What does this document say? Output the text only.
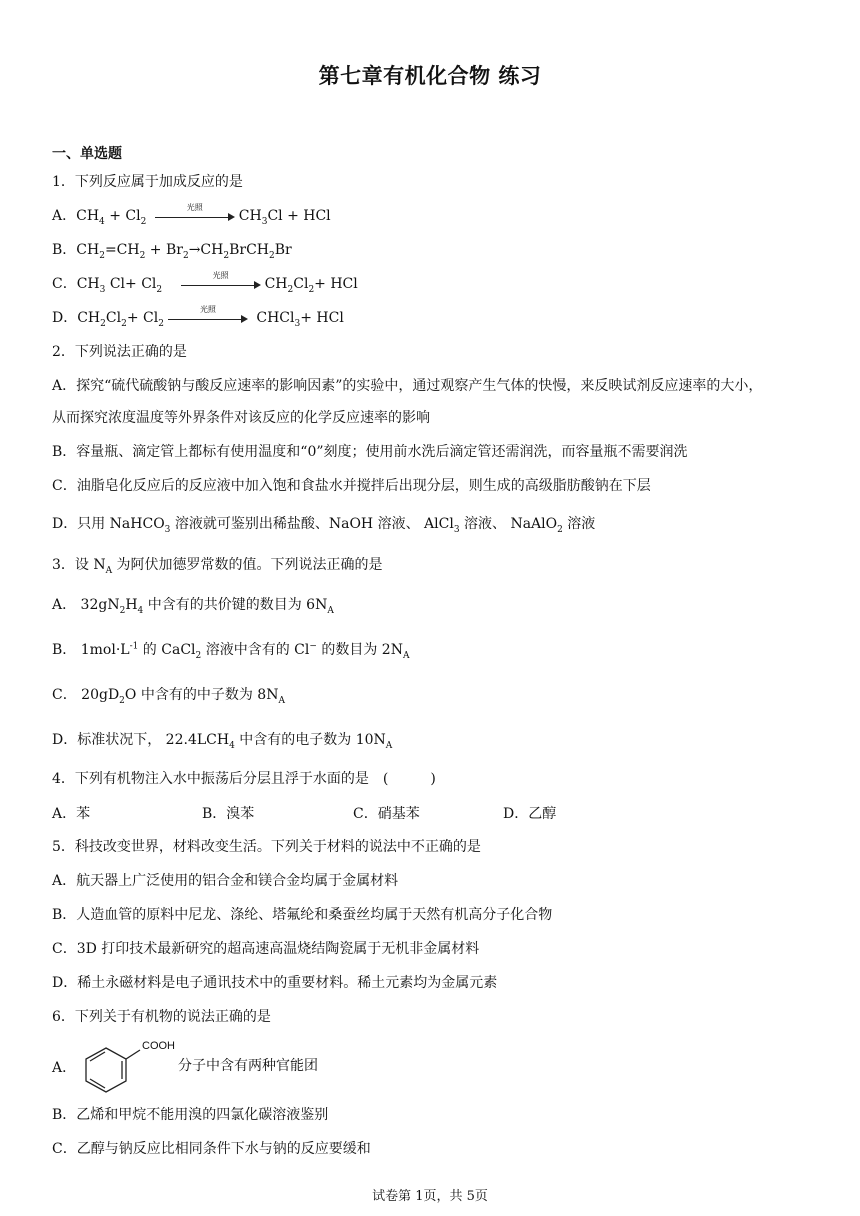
第七章有机化合物 练习
一、单选题
1．下列反应属于加成反应的是
A．$CH_4 + Cl_2$
光照
$CH_3Cl$ + HCl
B．$CH_2=CH_2$ + $Br_2\to CH_2BrCH_2Br$
C．$CH_3$ $Cl+ Cl_2$
光照
$CH_2Cl_2+$ HCl
D．$CH_2Cl_2+ Cl_2$
光照
CHCl$_3$+ HCl
2．下列说法正确的是
A．探究“硫代硫酸钠与酸反应速率的影响因素”的实验中，通过观察产生气体的快慢，来反映试剂反应速率的大小，
从而探究浓度温度等外界条件对该反应的化学反应速率的影响
B．容量瓶、滴定管上都标有使用温度和“0”刻度；使用前水洗后滴定管还需润洗，而容量瓶不需要润洗
C．油脂皂化反应后的反应液中加入饱和食盐水并搅拌后出现分层，则生成的高级脂肪酸钠在下层
D．只用 NaHCO$_3$ 溶液就可鉴别出稀盐酸、NaOH 溶液、 AlCl$_3$ 溶液、 NaAlO$_2$ 溶液
3．设 $N_A$ 为阿伏加德罗常数的值。下列说法正确的是
A． $32gN_2H_4$ 中含有的共价键的数目为 $6N_A$
B． $1mol\cdot L^{-1}$ 的 CaCl$_2$ 溶液中含有的 Cl− 的数目为 $2N_A$
C． $20gD_2O$ 中含有的中子数为 $8N_A$
D．标准状况下， $22.4LCH_4$ 中含有的电子数为 $10N_A$
4．下列有机物注入水中振荡后分层且浮于水面的是　(　　　)
A．苯	B．溴苯	C．硝基苯	D．乙醇
5．科技改变世界，材料改变生活。下列关于材料的说法中不正确的是
A．航天器上广泛使用的铝合金和镁合金均属于金属材料
B．人造血管的原料中尼龙、涤纶、塔氟纶和桑蚕丝均属于天然有机高分子化合物
C．3D 打印技术最新研究的超高速高温烧结陶瓷属于无机非金属材料
D．稀土永磁材料是电子通讯技术中的重要材料。稀土元素均为金属元素
6．下列关于有机物的说法正确的是
A．
COOH
分子中含有两种官能团
B．乙烯和甲烷不能用溴的四氯化碳溶液鉴别
C．乙醇与钠反应比相同条件下水与钠的反应要缓和
试卷第 1页，共 5页
